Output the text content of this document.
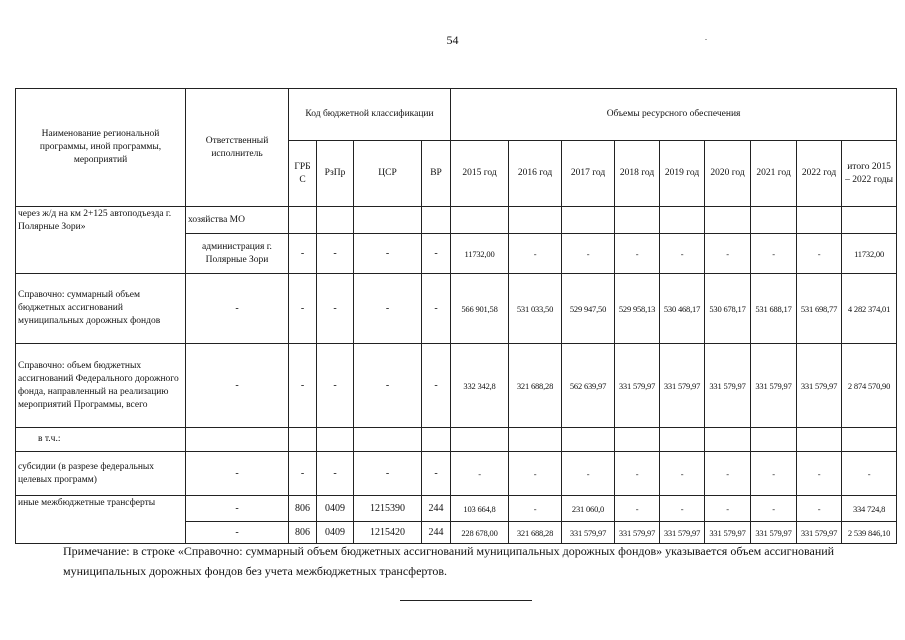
54	.
Наименование региональной программы, иной программы, мероприятий	Ответственный исполнитель	Код бюджетной классификации				Объемы ресурсного обеспечения								
		ГРБ С	РзПр	ЦСР	ВР	2015 год	2016 год	2017 год	2018 год	2019 год	2020 год	2021 год	2022 год	итого 2015 – 2022 годы
через ж/д на км 2+125 автоподъезда г. Полярные Зори»	хозяйства МО													
	администрация г. Полярные Зори	-	-	-	-	11732,00	-	-	-	-	-	-	-	11732,00
Справочно: суммарный объем бюджетных ассигнований муниципальных дорожных фондов	-	-	-	-	-	566 901,58	531 033,50	529 947,50	529 958,13	530 468,17	530 678,17	531 688,17	531 698,77	4 282 374,01
Справочно: объем бюджетных ассигнований Федерального дорожного фонда, направленный на реализацию мероприятий Программы, всего	-	-	-	-	-	332 342,8	321 688,28	562 639,97	331 579,97	331 579,97	331 579,97	331 579,97	331 579,97	2 874 570,90
в т.ч.:														
субсидии (в разрезе федеральных целевых программ)	-	-	-	-	-	-	-	-	-	-	-	-	-	-
иные межбюджетные трансферты	-	806	0409	1215390	244	103 664,8	-	231 060,0	-	-	-	-	-	334 724,8
	-	806	0409	1215420	244	228 678,00	321 688,28	331 579,97	331 579,97	331 579,97	331 579,97	331 579,97	331 579,97	2 539 846,10
Примечание: в строке «Справочно: суммарный объем бюджетных ассигнований муниципальных дорожных фондов» указывается объем ассигнований муниципальных дорожных фондов без учета межбюджетных трансфертов.
